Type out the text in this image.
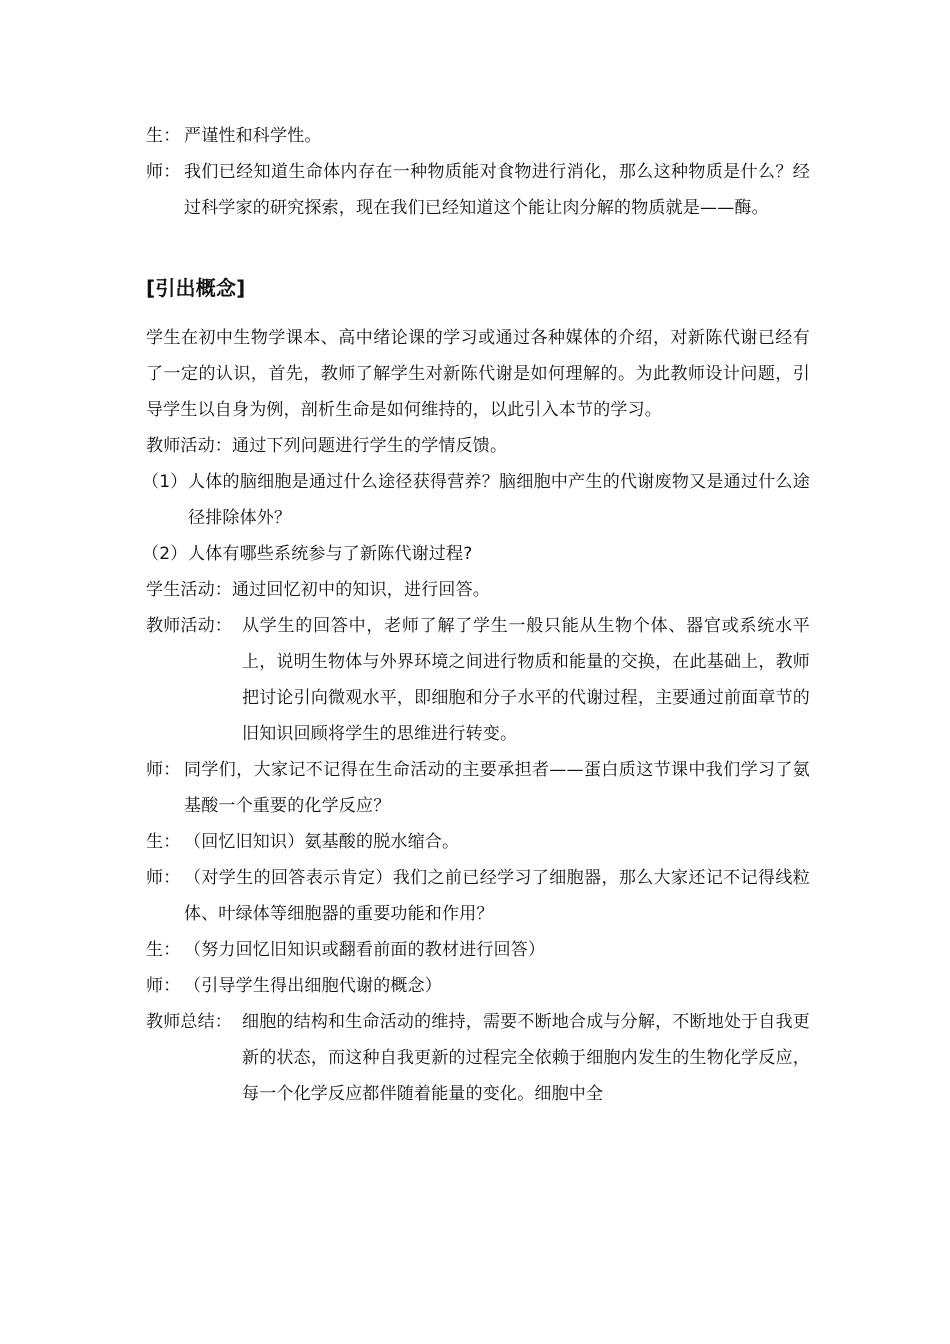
生： 严谨性和科学性。
师： 我们已经知道生命体内存在一种物质能对食物进行消化，那么这种物质是什么？经过科学家的研究探索，现在我们已经知道这个能让肉分解的物质就是——酶。
[引出概念]

学生在初中生物学课本、高中绪论课的学习或通过各种媒体的介绍，对新陈代谢已经有了一定的认识，首先，教师了解学生对新陈代谢是如何理解的。为此教师设计问题，引导学生以自身为例，剖析生命是如何维持的，以此引入本节的学习。

教师活动：通过下列问题进行学生的学情反馈。

（1） 人体的脑细胞是通过什么途径获得营养？脑细胞中产生的代谢废物又是通过什么途径排除体外？
（2） 人体有哪些系统参与了新陈代谢过程?

学生活动：通过回忆初中的知识，进行回答。

教师活动： 从学生的回答中，老师了解了学生一般只能从生物个体、器官或系统水平上，说明生物体与外界环境之间进行物质和能量的交换，在此基础上，教师把讨论引向微观水平，即细胞和分子水平的代谢过程，主要通过前面章节的旧知识回顾将学生的思维进行转变。
师： 同学们，大家记不记得在生命活动的主要承担者——蛋白质这节课中我们学习了氨基酸一个重要的化学反应？
生： （回忆旧知识）氨基酸的脱水缩合。
师： （对学生的回答表示肯定）我们之前已经学习了细胞器，那么大家还记不记得线粒体、叶绿体等细胞器的重要功能和作用？
生： （努力回忆旧知识或翻看前面的教材进行回答）
师： （引导学生得出细胞代谢的概念）
教师总结： 细胞的结构和生命活动的维持，需要不断地合成与分解，不断地处于自我更新的状态，而这种自我更新的过程完全依赖于细胞内发生的生物化学反应，每一个化学反应都伴随着能量的变化。细胞中全
